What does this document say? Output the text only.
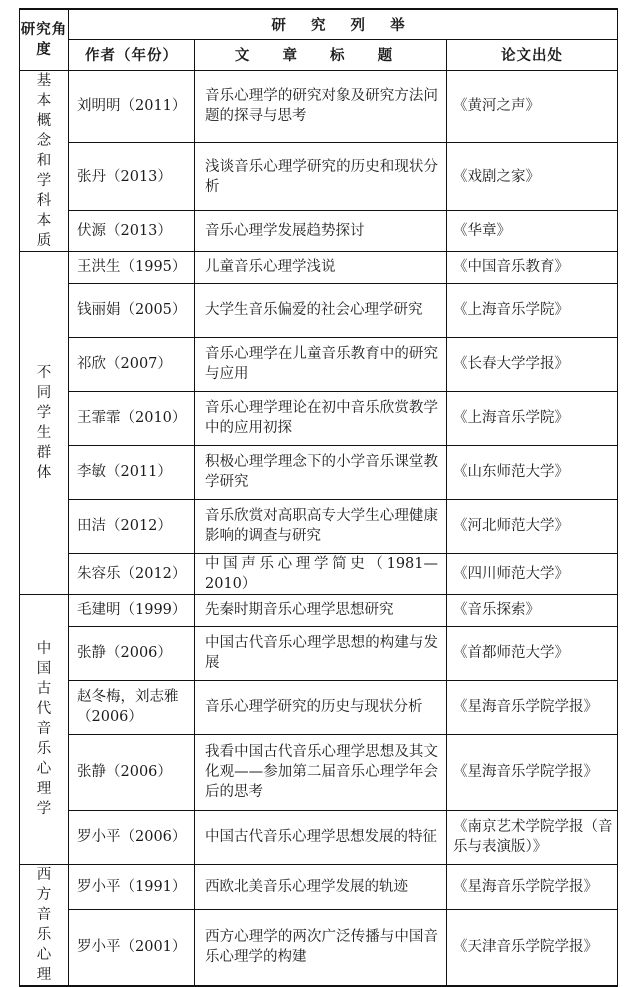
研究角度	研 究 列 举		
	作者（年份）	文 章 标 题	论文出处
基本概念和学科本质	刘明明（2011）	音乐心理学的研究对象及研究方法问题的探寻与思考	《黄河之声》
	张丹（2013）	浅谈音乐心理学研究的历史和现状分析	《戏剧之家》
	伏源（2013）	音乐心理学发展趋势探讨	《华章》
不同学生群体	王洪生（1995）	儿童音乐心理学浅说	《中国音乐教育》
	钱丽娟（2005）	大学生音乐偏爱的社会心理学研究	《上海音乐学院》
	祁欣（2007）	音乐心理学在儿童音乐教育中的研究与应用	《长春大学学报》
	王霏霏（2010）	音乐心理学理论在初中音乐欣赏教学中的应用初探	《上海音乐学院》
	李敏（2011）	积极心理学理念下的小学音乐课堂教学研究	《山东师范大学》
	田洁（2012）	音乐欣赏对高职高专大学生心理健康影响的调查与研究	《河北师范大学》
	朱容乐（2012）	中国声乐心理学简史（1981—2010）	《四川师范大学》
中国古代音乐心理学	毛建明（1999）	先秦时期音乐心理学思想研究	《音乐探索》
	张静（2006）	中国古代音乐心理学思想的构建与发展	《首都师范大学》
	赵冬梅，刘志雅（2006）	音乐心理学研究的历史与现状分析	《星海音乐学院学报》
	张静（2006）	我看中国古代音乐心理学思想及其文化观——参加第二届音乐心理学年会后的思考	《星海音乐学院学报》
	罗小平（2006）	中国古代音乐心理学思想发展的特征	《南京艺术学院学报（音乐与表演版）》
西方音乐心理	罗小平（1991）	西欧北美音乐心理学发展的轨迹	《星海音乐学院学报》
	罗小平（2001）	西方心理学的两次广泛传播与中国音乐心理学的构建	《天津音乐学院学报》
